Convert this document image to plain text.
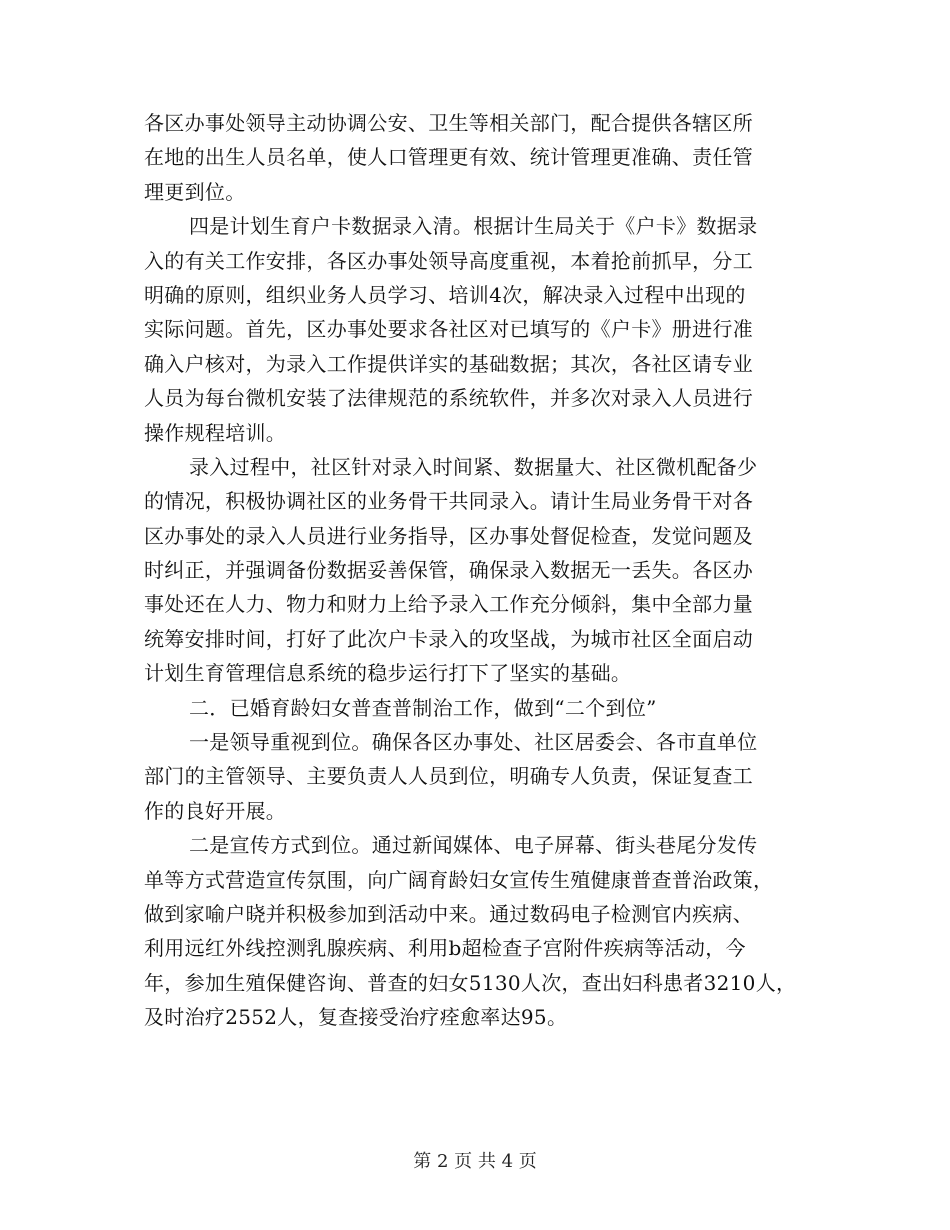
各区办事处领导主动协调公安、卫生等相关部门，配合提供各辖区所
在地的出生人员名单，使人口管理更有效、统计管理更准确、责任管
理更到位。
四是计划生育户卡数据录入清。根据计生局关于《户卡》数据录
入的有关工作安排，各区办事处领导高度重视，本着抢前抓早，分工
明确的原则，组织业务人员学习、培训4次，解决录入过程中出现的
实际问题。首先，区办事处要求各社区对已填写的《户卡》册进行准
确入户核对，为录入工作提供详实的基础数据；其次，各社区请专业
人员为每台微机安装了法律规范的系统软件，并多次对录入人员进行
操作规程培训。
录入过程中，社区针对录入时间紧、数据量大、社区微机配备少
的情况，积极协调社区的业务骨干共同录入。请计生局业务骨干对各
区办事处的录入人员进行业务指导，区办事处督促检查，发觉问题及
时纠正，并强调备份数据妥善保管，确保录入数据无一丢失。各区办
事处还在人力、物力和财力上给予录入工作充分倾斜，集中全部力量
统筹安排时间，打好了此次户卡录入的攻坚战，为城市社区全面启动
计划生育管理信息系统的稳步运行打下了坚实的基础。
二．已婚育龄妇女普查普制治工作，做到“二个到位”
一是领导重视到位。确保各区办事处、社区居委会、各市直单位
部门的主管领导、主要负责人人员到位，明确专人负责，保证复查工
作的良好开展。
二是宣传方式到位。通过新闻媒体、电子屏幕、街头巷尾分发传
单等方式营造宣传氛围，向广阔育龄妇女宣传生殖健康普查普治政策，
做到家喻户晓并积极参加到活动中来。通过数码电子检测官内疾病、
利用远红外线控测乳腺疾病、利用b超检查子宫附件疾病等活动，今
年，参加生殖保健咨询、普查的妇女5130人次，查出妇科患者3210人，
及时治疗2552人，复查接受治疗痊愈率达95。
第 2 页 共 4 页
